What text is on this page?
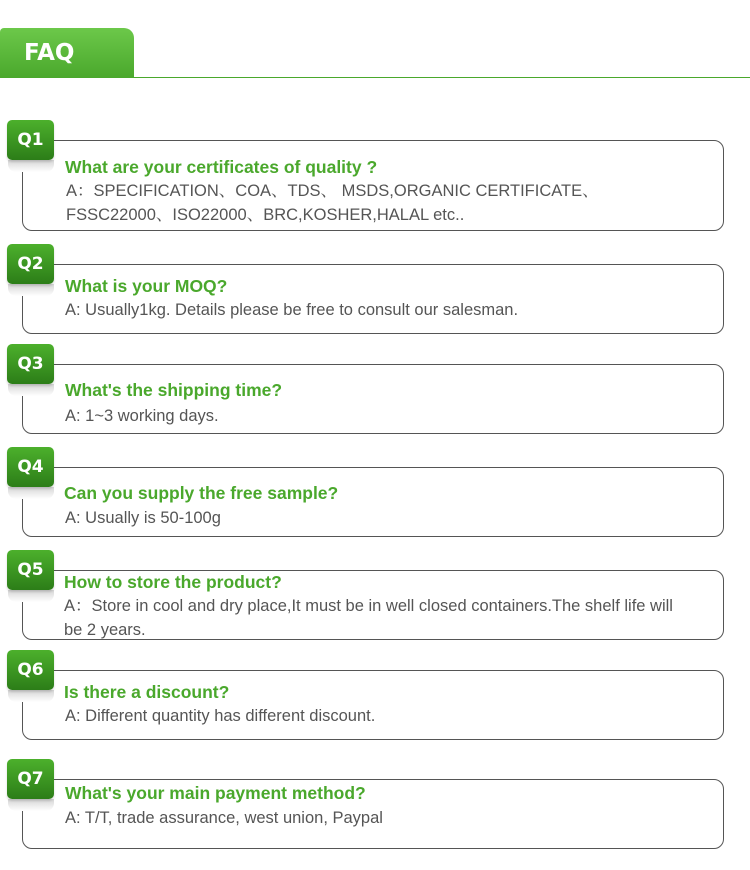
FAQ
Q1
What are your certificates of quality ?
A：SPECIFICATION、COA、TDS、 MSDS,ORGANIC CERTIFICATE、FSSC22000、ISO22000、BRC,KOSHER,HALAL etc..
Q2
What is your MOQ?
A: Usually1kg. Details please be free to consult our salesman.
Q3
What's the shipping time?
A: 1~3 working days.
Q4
Can you supply the free sample?
A: Usually is 50-100g
Q5
How to store the product?
A：Store in cool and dry place,It must be in well closed containers.The shelf life will be 2 years.
Q6
Is there a discount?
A: Different quantity has different discount.
Q7
What's your main payment method?
A: T/T, trade assurance, west union, Paypal
